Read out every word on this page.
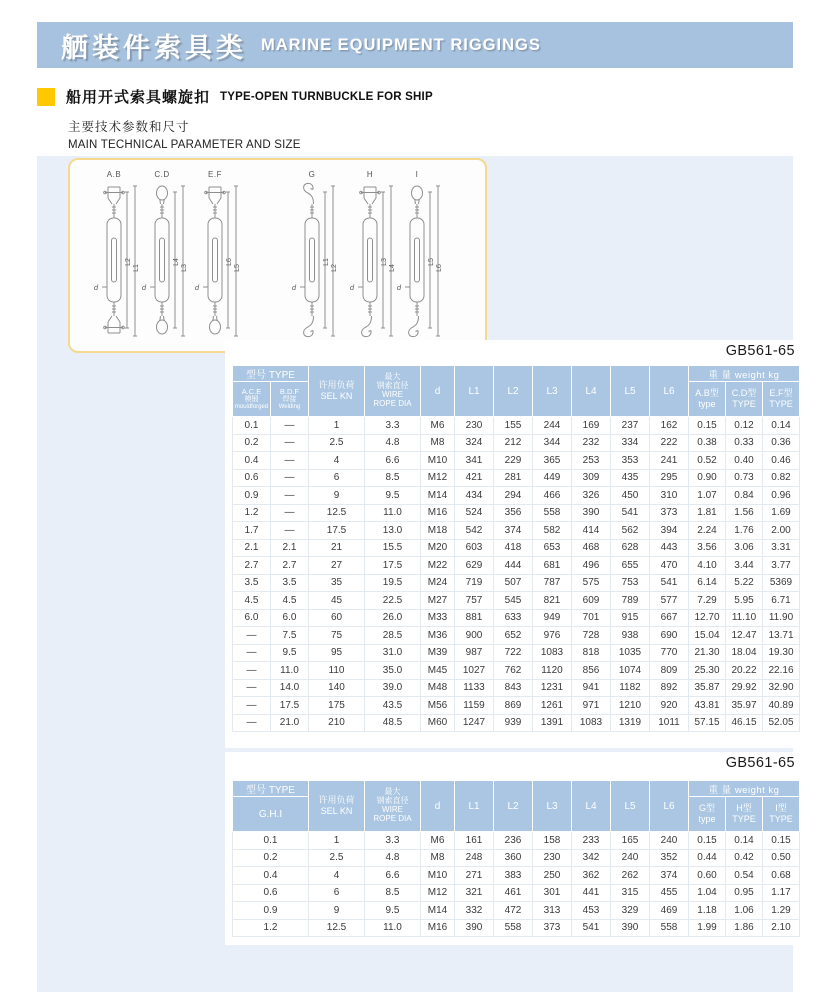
舾装件索具类 MARINE EQUIPMENT RIGGINGS
船用开式索具螺旋扣 TYPE-OPEN TURNBUCKLE FOR SHIP
主要技术参数和尺寸
MAIN TECHNICAL PARAMETER AND SIZE
A.B
L2
L1
d
C.D
L4
L3
d
E.F
L6
L5
d
G
L1
L2
d
H
L3
L4
d
I
L5
L6
d
GB561-65
型号 TYPE	
许用负荷
SEL KN

最大
钢索直径
WIRE
ROPE DIA
	d	L1	L2	L3	L4	L5	L6	重 量 weight kg

A.C.E
模锻
mouldforged

B.D.F
焊接
Welding

A.B型
type

C.D型
TYPE

E.F型
TYPE

0.1	—	1	3.3	M6	230	155	244	169	237	162	0.15	0.12	0.14
0.2	—	2.5	4.8	M8	324	212	344	232	334	222	0.38	0.33	0.36
0.4	—	4	6.6	M10	341	229	365	253	353	241	0.52	0.40	0.46
0.6	—	6	8.5	M12	421	281	449	309	435	295	0.90	0.73	0.82
0.9	—	9	9.5	M14	434	294	466	326	450	310	1.07	0.84	0.96
1.2	—	12.5	11.0	M16	524	356	558	390	541	373	1.81	1.56	1.69
1.7	—	17.5	13.0	M18	542	374	582	414	562	394	2.24	1.76	2.00
2.1	2.1	21	15.5	M20	603	418	653	468	628	443	3.56	3.06	3.31
2.7	2.7	27	17.5	M22	629	444	681	496	655	470	4.10	3.44	3.77
3.5	3.5	35	19.5	M24	719	507	787	575	753	541	6.14	5.22	5369
4.5	4.5	45	22.5	M27	757	545	821	609	789	577	7.29	5.95	6.71
6.0	6.0	60	26.0	M33	881	633	949	701	915	667	12.70	11.10	11.90
—	7.5	75	28.5	M36	900	652	976	728	938	690	15.04	12.47	13.71
—	9.5	95	31.0	M39	987	722	1083	818	1035	770	21.30	18.04	19.30
—	11.0	110	35.0	M45	1027	762	1120	856	1074	809	25.30	20.22	22.16
—	14.0	140	39.0	M48	1133	843	1231	941	1182	892	35.87	29.92	32.90
—	17.5	175	43.5	M56	1159	869	1261	971	1210	920	43.81	35.97	40.89
—	21.0	210	48.5	M60	1247	939	1391	1083	1319	1011	57.15	46.15	52.05
GB561-65
型号 TYPE	
许用负荷
SEL KN

最大
钢索直径
WIRE
ROPE DIA
	d	L1	L2	L3	L4	L5	L6	重 量 weight kg
G.H.I	
G型
type

H型
TYPE

I型
TYPE

0.1	1	3.3	M6	161	236	158	233	165	240	0.15	0.14	0.15
0.2	2.5	4.8	M8	248	360	230	342	240	352	0.44	0.42	0.50
0.4	4	6.6	M10	271	383	250	362	262	374	0.60	0.54	0.68
0.6	6	8.5	M12	321	461	301	441	315	455	1.04	0.95	1.17
0.9	9	9.5	M14	332	472	313	453	329	469	1.18	1.06	1.29
1.2	12.5	11.0	M16	390	558	373	541	390	558	1.99	1.86	2.10
